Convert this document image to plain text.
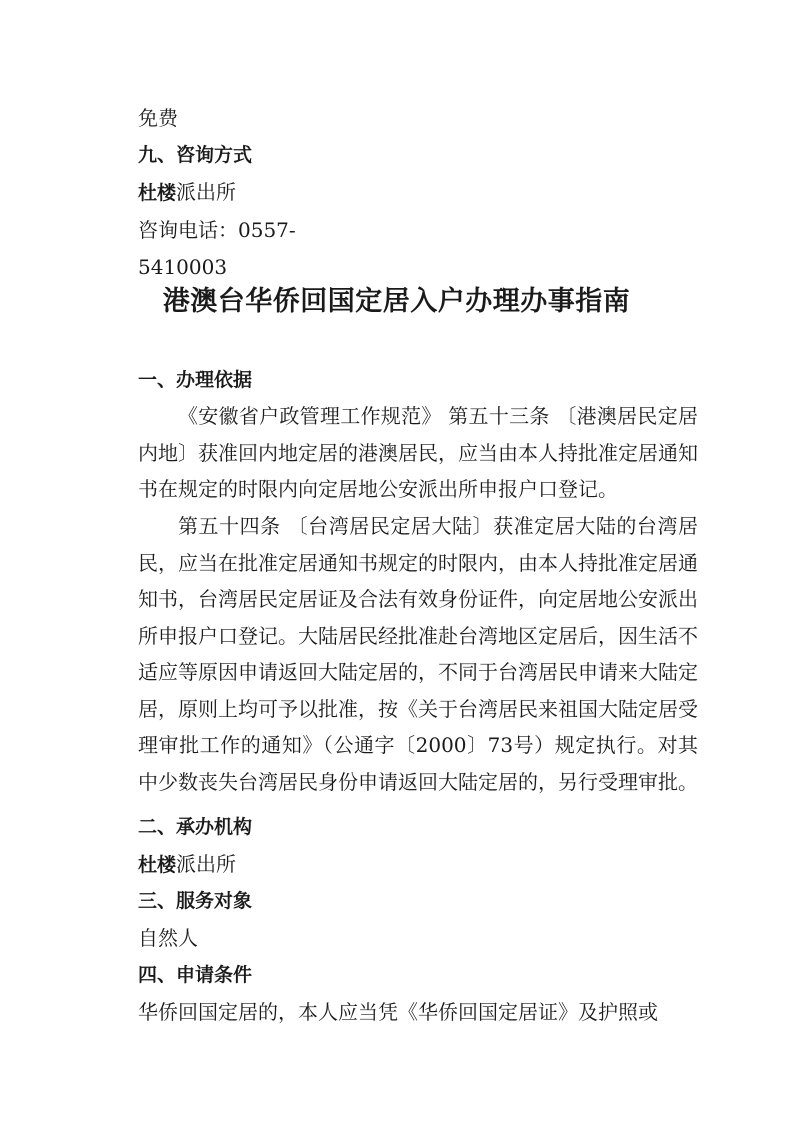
免费
九、咨询方式
杜楼派出所
咨询电话：0557-
5410003
港澳台华侨回国定居入户办理办事指南
一、办理依据
《安徽省户政管理工作规范》 第五十三条 〔港澳居民定居内地〕获准回内地定居的港澳居民，应当由本人持批准定居通知书在规定的时限内向定居地公安派出所申报户口登记。
第五十四条 〔台湾居民定居大陆〕获准定居大陆的台湾居民，应当在批准定居通知书规定的时限内，由本人持批准定居通知书，台湾居民定居证及合法有效身份证件，向定居地公安派出所申报户口登记。大陆居民经批准赴台湾地区定居后，因生活不适应等原因申请返回大陆定居的，不同于台湾居民申请来大陆定居，原则上均可予以批准，按《关于台湾居民来祖国大陆定居受理审批工作的通知》（公通字〔2000〕73号）规定执行。对其中少数丧失台湾居民身份申请返回大陆定居的，另行受理审批。
二、承办机构
杜楼派出所
三、服务对象
自然人
四、申请条件
华侨回国定居的，本人应当凭《华侨回国定居证》及护照或
